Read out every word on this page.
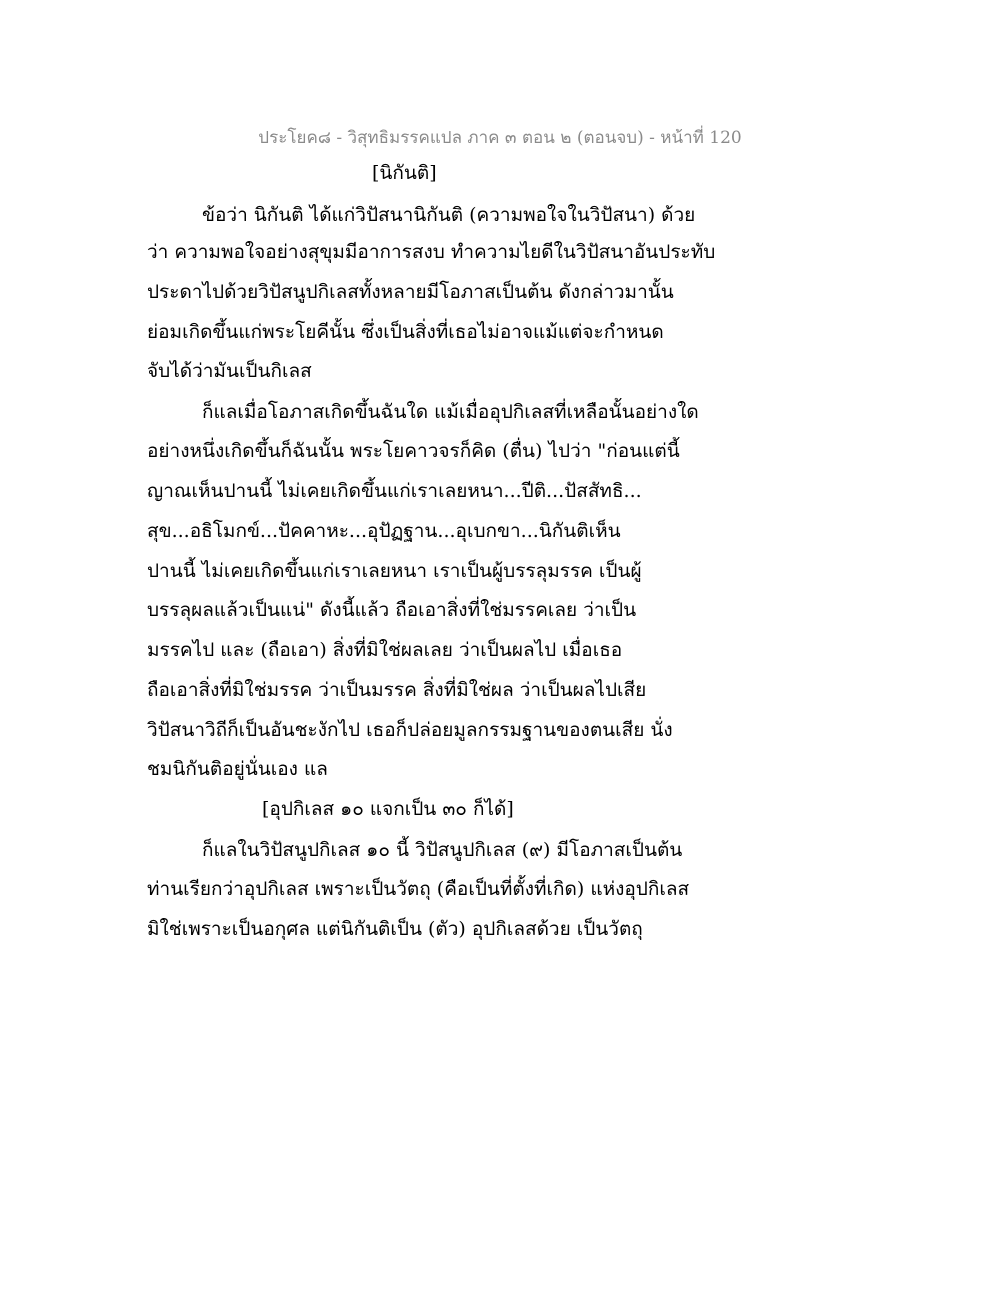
ประโยค๘ - วิสุทธิมรรคแปล ภาค ๓ ตอน ๒ (ตอนจบ) - หน้าที่ 120
[นิกันติ]
ข้อว่า นิกันติ ได้แก่วิปัสนานิกันติ (ความพอใจในวิปัสนา) ด้วย
ว่า ความพอใจอย่างสุขุมมีอาการสงบ ทำความไยดีในวิปัสนาอันประทับ
ประดาไปด้วยวิปัสนูปกิเลสทั้งหลายมีโอภาสเป็นต้น ดังกล่าวมานั้น
ย่อมเกิดขึ้นแก่พระโยคีนั้น ซึ่งเป็นสิ่งที่เธอไม่อาจแม้แต่จะกำหนด
จับได้ว่ามันเป็นกิเลส
ก็แลเมื่อโอภาสเกิดขึ้นฉันใด แม้เมื่ออุปกิเลสที่เหลือนั้นอย่างใด
อย่างหนึ่งเกิดขึ้นก็ฉันนั้น พระโยคาวจรก็คิด (ตื่น) ไปว่า "ก่อนแต่นี้
ญาณเห็นปานนี้ ไม่เคยเกิดขึ้นแก่เราเลยหนา...ปีติ...ปัสสัทธิ...
สุข...อธิโมกข์...ปัคคาหะ...อุปัฏฐาน...อุเบกขา...นิกันติเห็น
ปานนี้ ไม่เคยเกิดขึ้นแก่เราเลยหนา เราเป็นผู้บรรลุมรรค เป็นผู้
บรรลุผลแล้วเป็นแน่" ดังนี้แล้ว ถือเอาสิ่งที่ใช่มรรคเลย ว่าเป็น
มรรคไป และ (ถือเอา) สิ่งที่มิใช่ผลเลย ว่าเป็นผลไป เมื่อเธอ
ถือเอาสิ่งที่มิใช่มรรค ว่าเป็นมรรค สิ่งที่มิใช่ผล ว่าเป็นผลไปเสีย
วิปัสนาวิถีก็เป็นอันชะงักไป เธอก็ปล่อยมูลกรรมฐานของตนเสีย นั่ง
ชมนิกันติอยู่นั่นเอง แล
[อุปกิเลส ๑๐ แจกเป็น ๓๐ ก็ได้]
ก็แลในวิปัสนูปกิเลส ๑๐ นี้ วิปัสนูปกิเลส (๙) มีโอภาสเป็นต้น
ท่านเรียกว่าอุปกิเลส เพราะเป็นวัตถุ (คือเป็นที่ตั้งที่เกิด) แห่งอุปกิเลส
มิใช่เพราะเป็นอกุศล แต่นิกันติเป็น (ตัว) อุปกิเลสด้วย เป็นวัตถุ
